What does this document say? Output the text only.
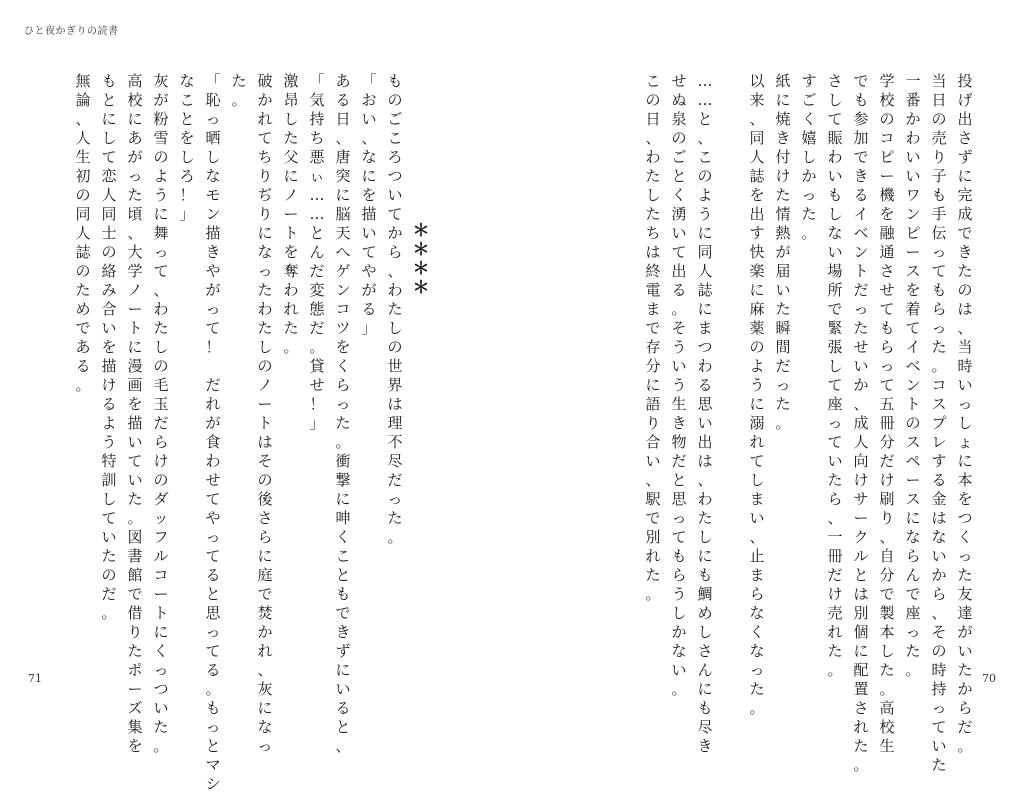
ひと夜かぎりの読書
投
げ
出
さ
ず
に
完
成
で
き
た
の
は
、
当
時
い
っ
し
ょ
に
本
を
つ
く
っ
た
友
達
が
い
た
か
ら
だ
。
当
日
の
売
り
子
も
手
伝
っ
て
も
ら
っ
た
。
コ
ス
プ
レ
す
る
金
は
な
い
か
ら
、
そ
の
時
持
っ
て
い
た
一
番
か
わ
い
い
ワ
ン
ピ
ー
ス
を
着
て
イ
ベ
ン
ト
の
ス
ペ
ー
ス
に
な
ら
ん
で
座
っ
た
。
学
校
の
コ
ピ
ー
機
を
融
通
さ
せ
て
も
ら
っ
て
五
冊
分
だ
け
刷
り
、
自
分
で
製
本
し
た
。
高
校
生
で
も
参
加
で
き
る
イ
ベ
ン
ト
だ
っ
た
せ
い
か
、
成
人
向
け
サ
ー
ク
ル
と
は
別
個
に
配
置
さ
れ
た
。
さ
し
て
賑
わ
い
も
し
な
い
場
所
で
緊
張
し
て
座
っ
て
い
た
ら
、
一
冊
だ
け
売
れ
た
。
す
ご
く
嬉
し
か
っ
た
。
紙
に
焼
き
付
け
た
情
熱
が
届
い
た
瞬
間
だ
っ
た
。
以
来
、
同
人
誌
を
出
す
快
楽
に
麻
薬
の
よ
う
に
溺
れ
て
し
ま
い
、
止
ま
ら
な
く
な
っ
た
。
…
…
と
、
こ
の
よ
う
に
同
人
誌
に
ま
つ
わ
る
思
い
出
は
、
わ
た
し
に
も
鯛
め
し
さ
ん
に
も
尽
き
せ
ぬ
泉
の
ご
と
く
湧
い
て
出
る
。
そ
う
い
う
生
き
物
だ
と
思
っ
て
も
ら
う
し
か
な
い
。
こ
の
日
、
わ
た
し
た
ち
は
終
電
ま
で
存
分
に
語
り
合
い
、
駅
で
別
れ
た
。
＊
＊
＊
＊
も
の
ご
こ
ろ
つ
い
て
か
ら
、
わ
た
し
の
世
界
は
理
不
尽
だ
っ
た
。
「
お
い
、
な
に
を
描
い
て
や
が
る
」
あ
る
日
、
唐
突
に
脳
天
へ
ゲ
ン
コ
ツ
を
く
ら
っ
た
。
衝
撃
に
呻
く
こ
と
も
で
き
ず
に
い
る
と
、
「
気
持
ち
悪
ぃ
…
…
と
ん
だ
変
態
だ
。
貸
せ
！
」
激
昂
し
た
父
に
ノ
ー
ト
を
奪
わ
れ
た
。
破
か
れ
て
ち
り
ぢ
り
に
な
っ
た
わ
た
し
の
ノ
ー
ト
は
そ
の
後
さ
ら
に
庭
で
焚
か
れ
、
灰
に
な
っ
た
。
「
恥
っ
晒
し
な
モ
ン
描
き
や
が
っ
て
！

だ
れ
が
食
わ
せ
て
や
っ
て
る
と
思
っ
て
る
。
も
っ
と
マ
シ
な
こ
と
を
し
ろ
！
」
灰
が
粉
雪
の
よ
う
に
舞
っ
て
、
わ
た
し
の
毛
玉
だ
ら
け
の
ダ
ッ
フ
ル
コ
ー
ト
に
く
っ
つ
い
た
。
高
校
に
あ
が
っ
た
頃
、
大
学
ノ
ー
ト
に
漫
画
を
描
い
て
い
た
。
図
書
館
で
借
り
た
ポ
ー
ズ
集
を
も
と
に
し
て
恋
人
同
士
の
絡
み
合
い
を
描
け
る
よ
う
特
訓
し
て
い
た
の
だ
。
無
論
、
人
生
初
の
同
人
誌
の
た
め
で
あ
る
。
71	70
